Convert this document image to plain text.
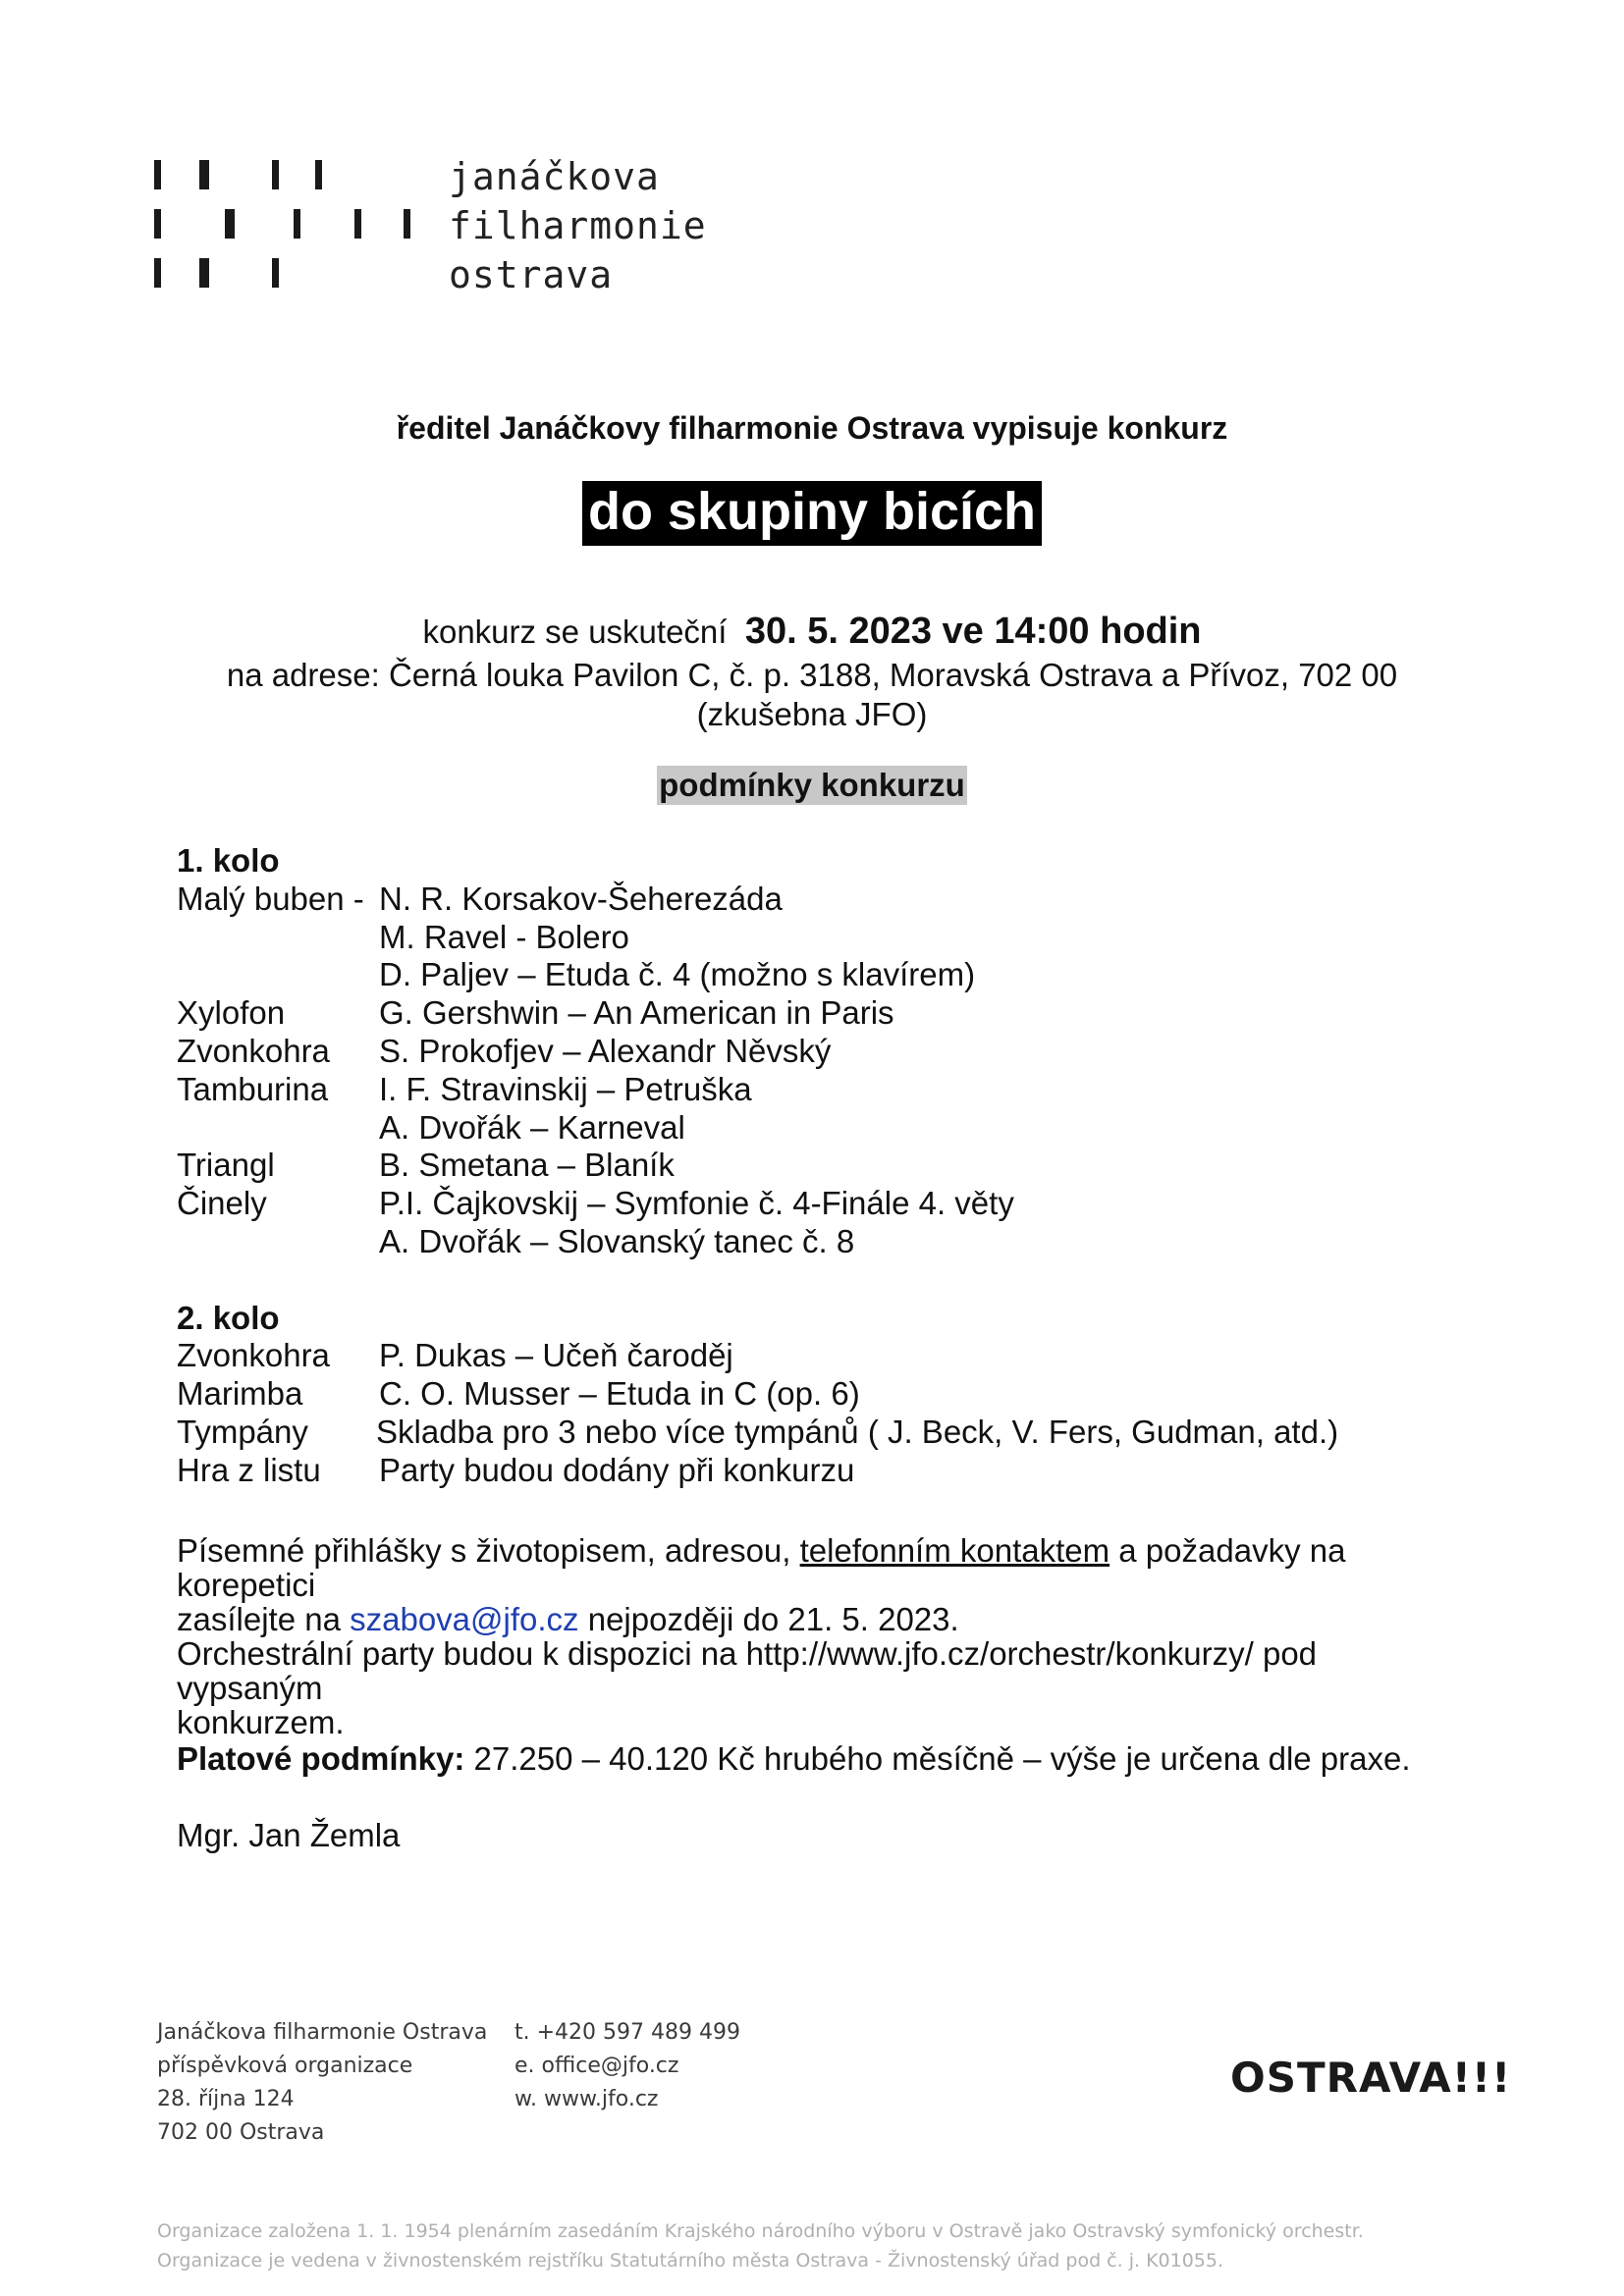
janáčkova
filharmonie
ostrava
ředitel Janáčkovy filharmonie Ostrava vypisuje konkurz
do skupiny bicích
konkurz se uskuteční 30. 5. 2023 ve 14:00 hodin
na adrese: Černá louka Pavilon C, č. p. 3188, Moravská Ostrava a Přívoz, 702 00
(zkušebna JFO)
podmínky konkurzu
1. kolo
Malý buben - N. R. Korsakov-Šeherezáda
M. Ravel - Bolero
D. Paljev – Etuda č. 4 (možno s klavírem)
Xylofon	G. Gershwin – An American in Paris
Zvonkohra	S. Prokofjev – Alexandr Něvský
Tamburina	I. F. Stravinskij – Petruška
A. Dvořák – Karneval
Triangl	B. Smetana – Blaník
Činely	P.I. Čajkovskij – Symfonie č. 4-Finále 4. věty
A. Dvořák – Slovanský tanec č. 8
2. kolo
Zvonkohra	P. Dukas – Učeň čaroděj
Marimba	C. O. Musser – Etuda in C (op. 6)
Tympány	Skladba pro 3 nebo více tympánů ( J. Beck, V. Fers, Gudman, atd.)
Hra z listu	Party budou dodány při konkurzu
Písemné přihlášky s životopisem, adresou, telefonním kontaktem a požadavky na korepetici
zasílejte na szabova@jfo.cz nejpozději do 21. 5. 2023.
Orchestrální party budou k dispozici na http://www.jfo.cz/orchestr/konkurzy/ pod vypsaným
konkurzem.
Platové podmínky: 27.250 – 40.120 Kč hrubého měsíčně – výše je určena dle praxe.
Mgr. Jan Žemla
Janáčkova filharmonie Ostrava
příspěvková organizace
28. října 124
702 00 Ostrava
t. +420 597 489 499
e. office@jfo.cz
w. www.jfo.cz	OSTRAVA!!!
Organizace založena 1. 1. 1954 plenárním zasedáním Krajského národního výboru v Ostravě jako Ostravský symfonický orchestr.
Organizace je vedena v živnostenském rejstříku Statutárního města Ostrava - Živnostenský úřad pod č. j. K01055.
